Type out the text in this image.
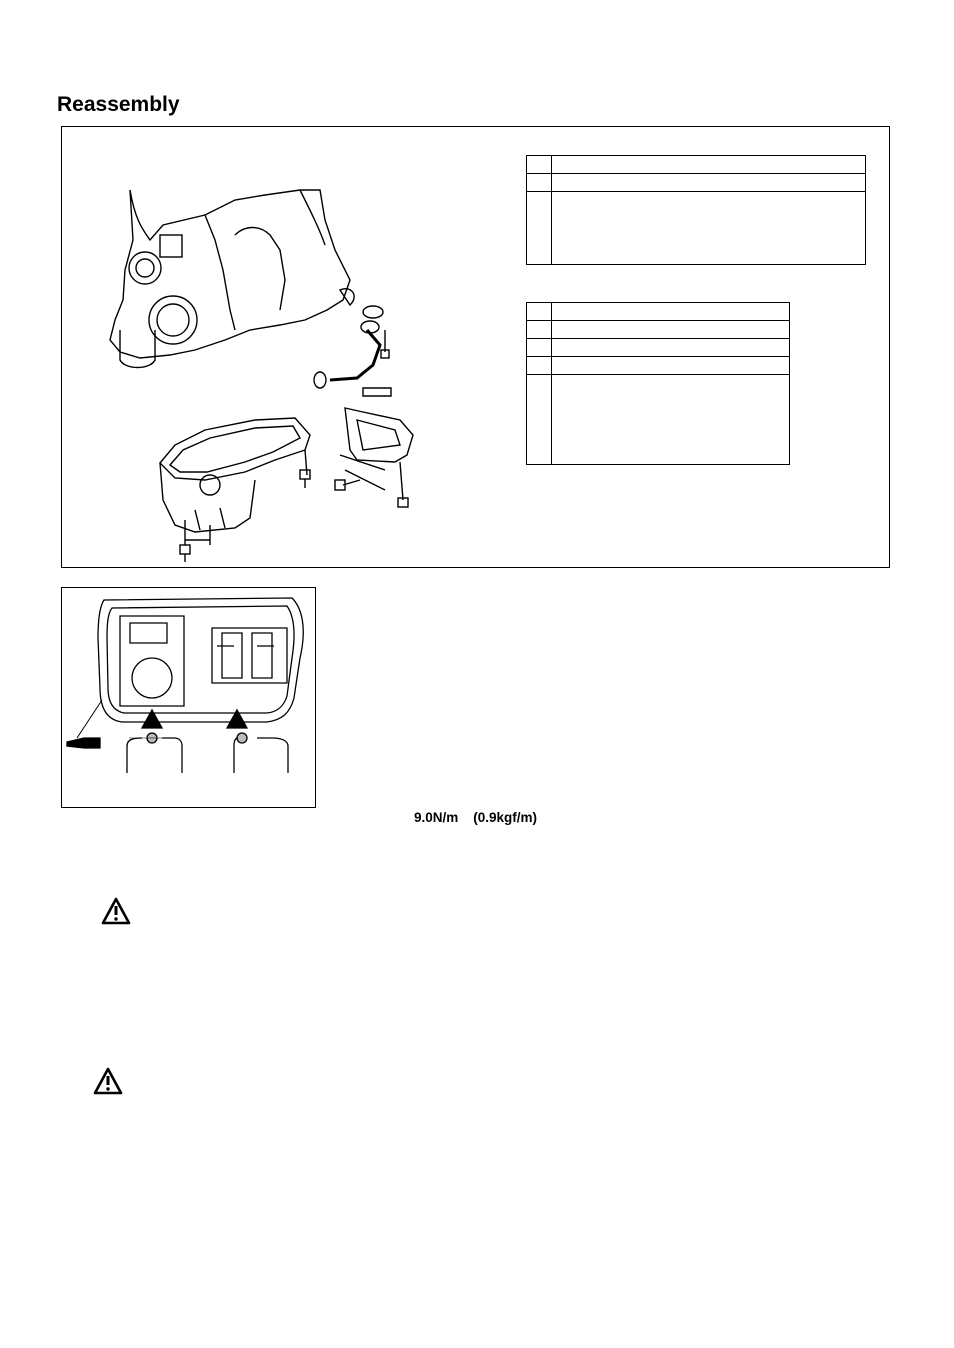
Reassembly

9.0N/m    (0.9kgf/m)
